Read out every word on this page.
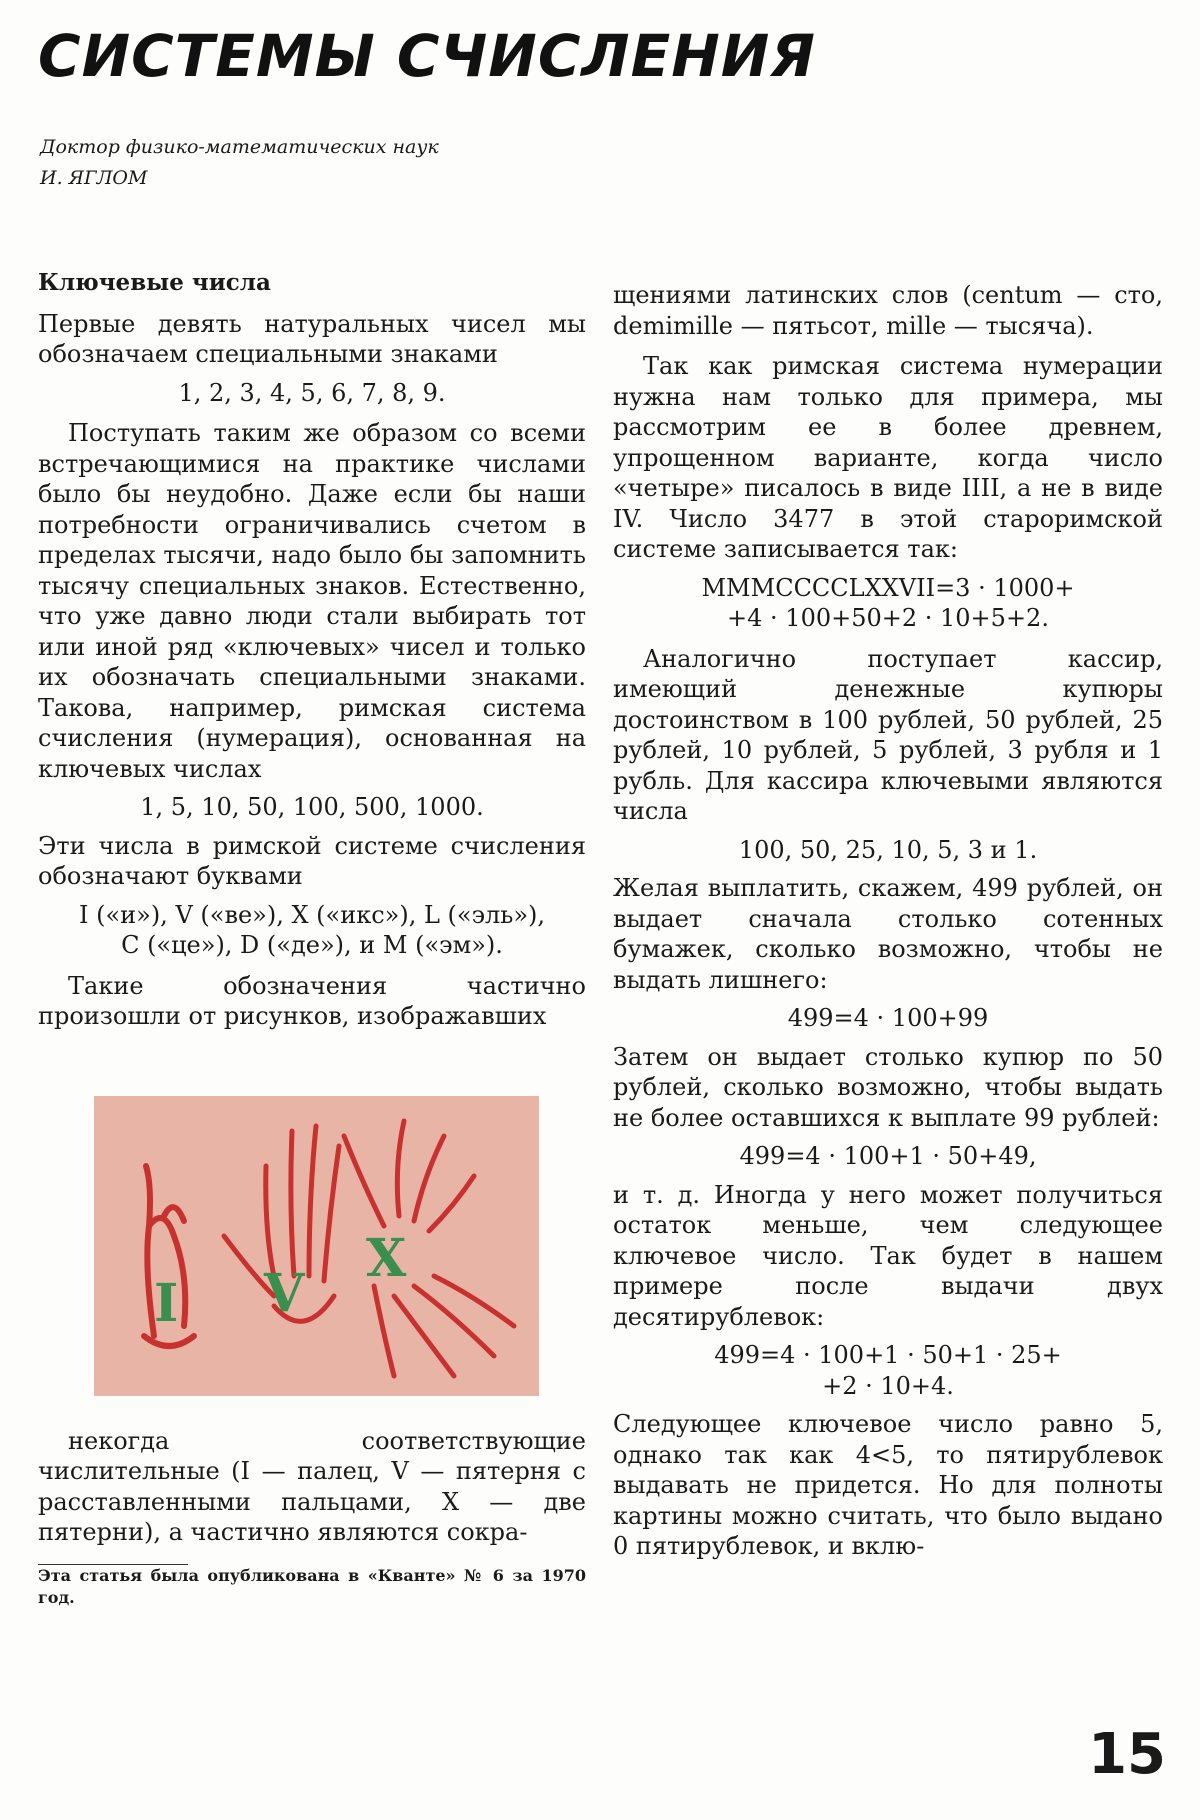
СИСТЕМЫ СЧИСЛЕНИЯ
Доктор физико-математических наук
И. ЯГЛОМ

Ключевые числа

Первые девять натуральных чисел мы обозначаем специальными знаками

1, 2, 3, 4, 5, 6, 7, 8, 9.

Поступать таким же образом со всеми встречающимися на практике числами было бы неудобно. Даже если бы наши потребности ограничивались счетом в пределах тысячи, надо было бы запомнить тысячу специальных знаков. Естественно, что уже давно люди стали выбирать тот или иной ряд «ключевых» чисел и только их обозначать специальными знаками. Такова, например, римская система счисления (нумерация), основанная на ключевых числах

1, 5, 10, 50, 100, 500, 1000.

Эти числа в римской системе счисления обозначают буквами

I («и»), V («ве»), X («икс»), L («эль»),

C («це»), D («де»), и M («эм»).

Такие обозначения частично произошли от рисунков, изображавших

I V
X

некогда соответствующие числительные (I — палец, V — пятерня с расставленными пальцами, X — две пятерни), а частично являются сокра-

Эта статья была опубликована в «Кванте» № 6 за 1970 год.

щениями латинских слов (centum — сто, demimille — пятьсот, mille — тысяча).

Так как римская система нумерации нужна нам только для примера, мы рассмотрим ее в более древнем, упрощенном варианте, когда число «четыре» писалось в виде IIII, а не в виде IV. Число 3477 в этой староримской системе записывается так:

MMMCCCCLXXVII=3 · 1000+

+4 · 100+50+2 · 10+5+2.

Аналогично поступает кассир, имеющий денежные купюры достоинством в 100 рублей, 50 рублей, 25 рублей, 10 рублей, 5 рублей, 3 рубля и 1 рубль. Для кассира ключевыми являются числа

100, 50, 25, 10, 5, 3 и 1.

Желая выплатить, скажем, 499 рублей, он выдает сначала столько сотенных бумажек, сколько возможно, чтобы не выдать лишнего:

499=4 · 100+99

Затем он выдает столько купюр по 50 рублей, сколько возможно, чтобы выдать не более оставшихся к выплате 99 рублей:

499=4 · 100+1 · 50+49,

и т. д. Иногда у него может получиться остаток меньше, чем следующее ключевое число. Так будет в нашем примере после выдачи двух десятирублевок:

499=4 · 100+1 · 50+1 · 25+

+2 · 10+4.

Следующее ключевое число равно 5, однако так как 4<5, то пятирублевок выдавать не придется. Но для полноты картины можно считать, что было выдано 0 пятирублевок, и вклю-

15
